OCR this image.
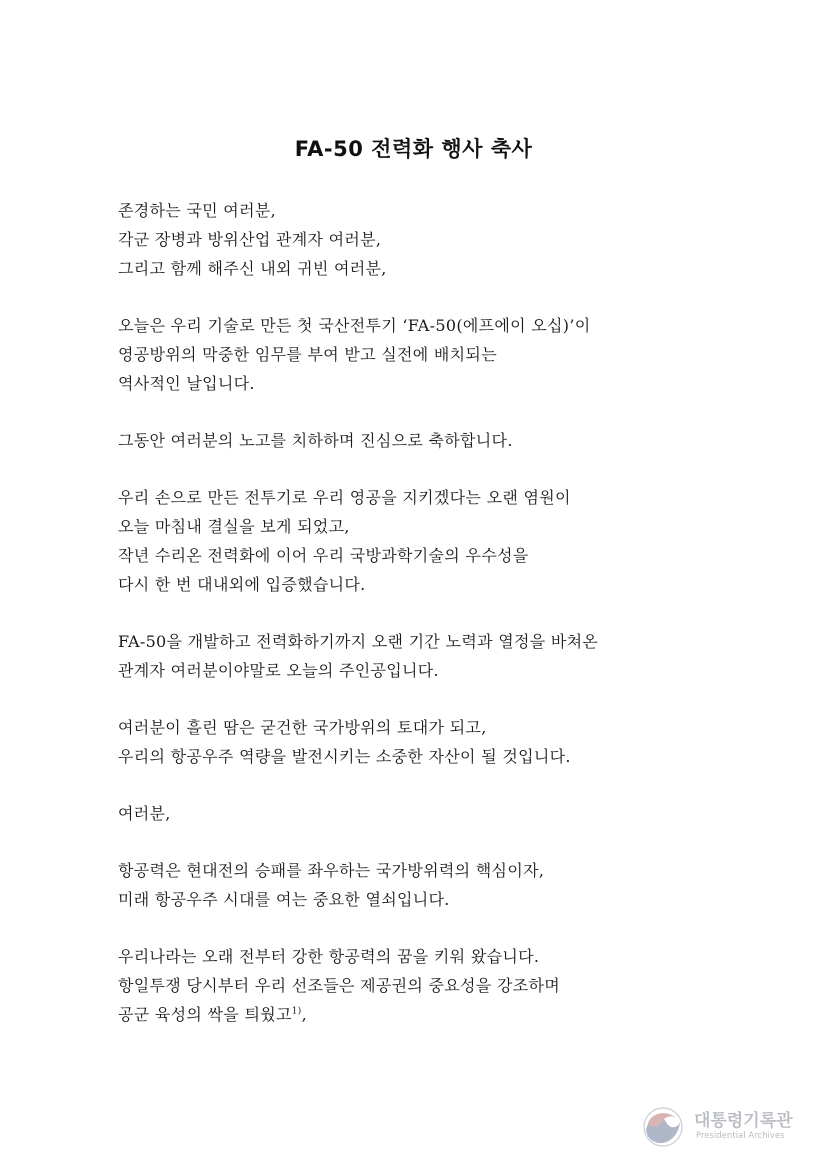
FA-50 전력화 행사 축사
존경하는 국민 여러분,
각군 장병과 방위산업 관계자 여러분,
그리고 함께 해주신 내외 귀빈 여러분,
오늘은 우리 기술로 만든 첫 국산전투기 ‘FA-50(에프에이 오십)’이
영공방위의 막중한 임무를 부여 받고 실전에 배치되는
역사적인 날입니다.
그동안 여러분의 노고를 치하하며 진심으로 축하합니다.
우리 손으로 만든 전투기로 우리 영공을 지키겠다는 오랜 염원이
오늘 마침내 결실을 보게 되었고,
작년 수리온 전력화에 이어 우리 국방과학기술의 우수성을
다시 한 번 대내외에 입증했습니다.
FA-50을 개발하고 전력화하기까지 오랜 기간 노력과 열정을 바쳐온
관계자 여러분이야말로 오늘의 주인공입니다.
여러분이 흘린 땀은 굳건한 국가방위의 토대가 되고,
우리의 항공우주 역량을 발전시키는 소중한 자산이 될 것입니다.
여러분,
항공력은 현대전의 승패를 좌우하는 국가방위력의 핵심이자,
미래 항공우주 시대를 여는 중요한 열쇠입니다.
우리나라는 오래 전부터 강한 항공력의 꿈을 키워 왔습니다.
항일투쟁 당시부터 우리 선조들은 제공권의 중요성을 강조하며
공군 육성의 싹을 틔웠고$^{1)}$,
대통령기록관
Presidential Archives
